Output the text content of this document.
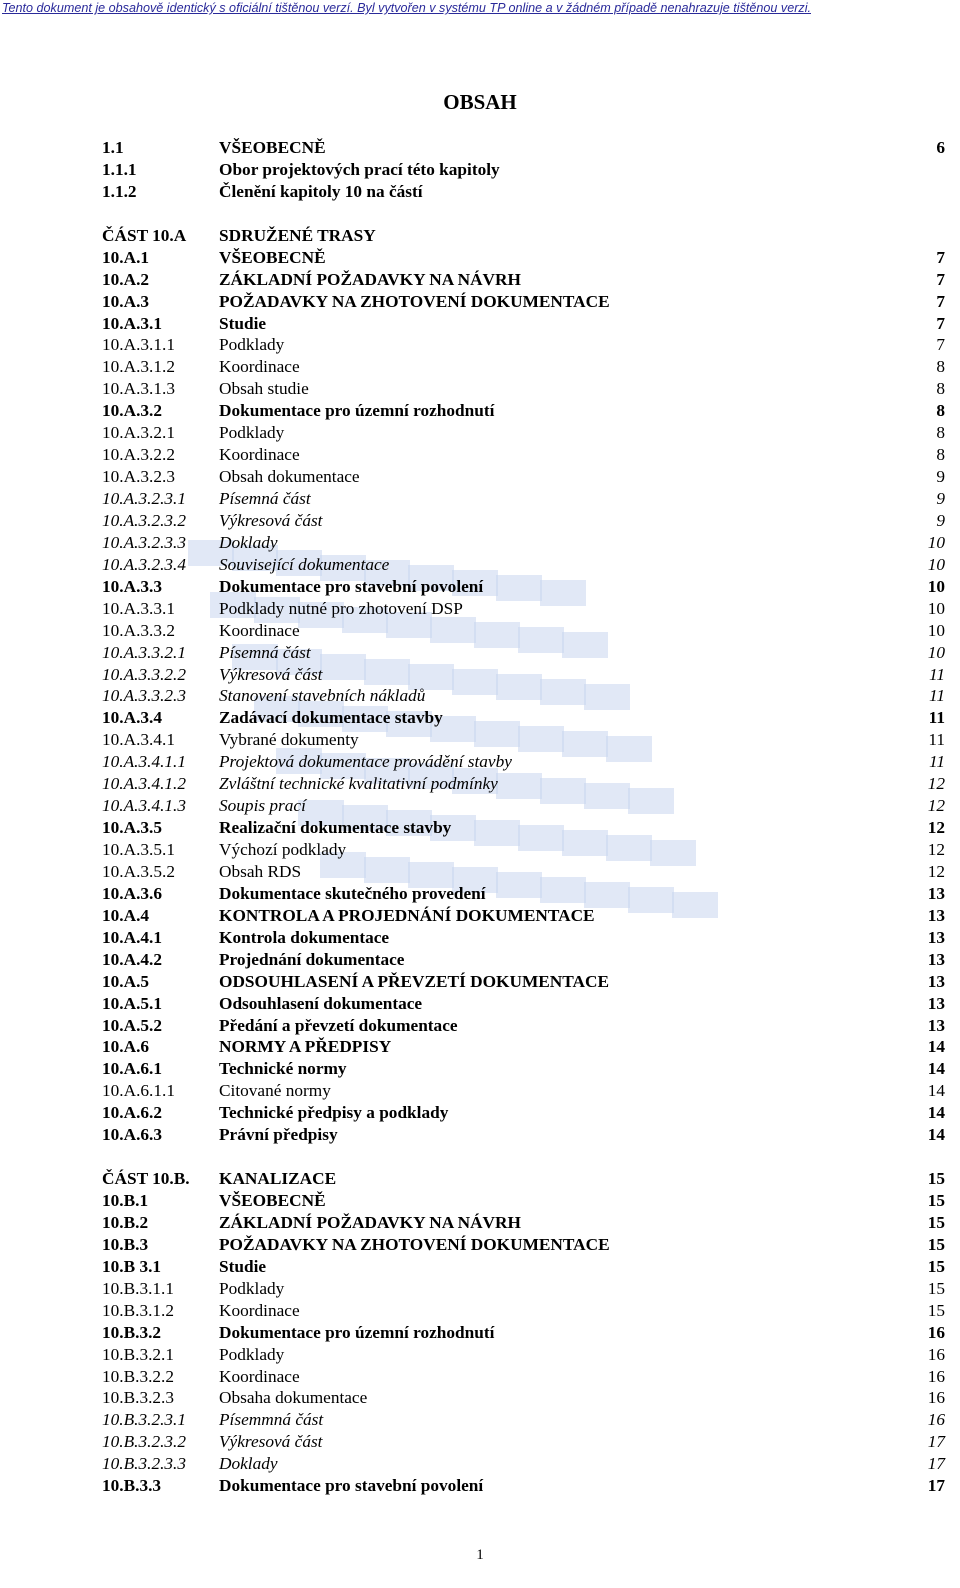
Tento dokument je obsahově identický s oficiální tištěnou verzí. Byl vytvořen v systému TP online a v žádném případě nenahrazuje tištěnou verzi.
OBSAH
1.1	VŠEOBECNĚ	6
1.1.1	Obor projektových prací této kapitoly
1.1.2	Členění kapitoly 10 na částí
ČÁST 10.A SDRUŽENÉ TRASY
10.A.1	VŠEOBECNĚ	7
10.A.2	ZÁKLADNÍ POŽADAVKY NA NÁVRH	7
10.A.3	POŽADAVKY NA ZHOTOVENÍ DOKUMENTACE	7
10.A.3.1	Studie	7
10.A.3.1.1	Podklady	7
10.A.3.1.2	Koordinace	8
10.A.3.1.3	Obsah studie	8
10.A.3.2	Dokumentace pro územní rozhodnutí	8
10.A.3.2.1	Podklady	8
10.A.3.2.2	Koordinace	8
10.A.3.2.3	Obsah dokumentace	9
10.A.3.2.3.1 Písemná část	9
10.A.3.2.3.2 Výkresová část	9
10.A.3.2.3.3 Doklady	10
10.A.3.2.3.4 Související dokumentace	10
10.A.3.3	Dokumentace pro stavební povolení	10
10.A.3.3.1	Podklady nutné pro zhotovení DSP	10
10.A.3.3.2	Koordinace	10
10.A.3.3.2.1 Písemná část	10
10.A.3.3.2.2 Výkresová část	11
10.A.3.3.2.3 Stanovení stavebních nákladů	11
10.A.3.4	Zadávací dokumentace stavby	11
10.A.3.4.1	Vybrané dokumenty	11
10.A.3.4.1.1 Projektová dokumentace provádění stavby	11
10.A.3.4.1.2 Zvláštní technické kvalitativní podmínky	12
10.A.3.4.1.3 Soupis prací	12
10.A.3.5	Realizační dokumentace stavby	12
10.A.3.5.1	Výchozí podklady	12
10.A.3.5.2	Obsah RDS	12
10.A.3.6	Dokumentace skutečného provedení	13
10.A.4	KONTROLA A PROJEDNÁNÍ DOKUMENTACE	13
10.A.4.1	Kontrola dokumentace	13
10.A.4.2	Projednání dokumentace	13
10.A.5	ODSOUHLASENÍ A PŘEVZETÍ DOKUMENTACE	13
10.A.5.1	Odsouhlasení dokumentace	13
10.A.5.2	Předání a převzetí dokumentace	13
10.A.6	NORMY A PŘEDPISY	14
10.A.6.1	Technické normy	14
10.A.6.1.1	Citované normy	14
10.A.6.2	Technické předpisy a podklady	14
10.A.6.3	Právní předpisy	14
ČÁST 10.B. KANALIZACE	15
10.B.1	VŠEOBECNĚ	15
10.B.2	ZÁKLADNÍ POŽADAVKY NA NÁVRH	15
10.B.3	POŽADAVKY NA ZHOTOVENÍ DOKUMENTACE	15
10.B 3.1	Studie	15
10.B.3.1.1	Podklady	15
10.B.3.1.2	Koordinace	15
10.B.3.2	Dokumentace pro územní rozhodnutí	16
10.B.3.2.1	Podklady	16
10.B.3.2.2	Koordinace	16
10.B.3.2.3	Obsaha dokumentace	16
10.B.3.2.3.1 Písemmná část	16
10.B.3.2.3.2 Výkresová část	17
10.B.3.2.3.3 Doklady	17
10.B.3.3	Dokumentace pro stavební povolení	17
1
